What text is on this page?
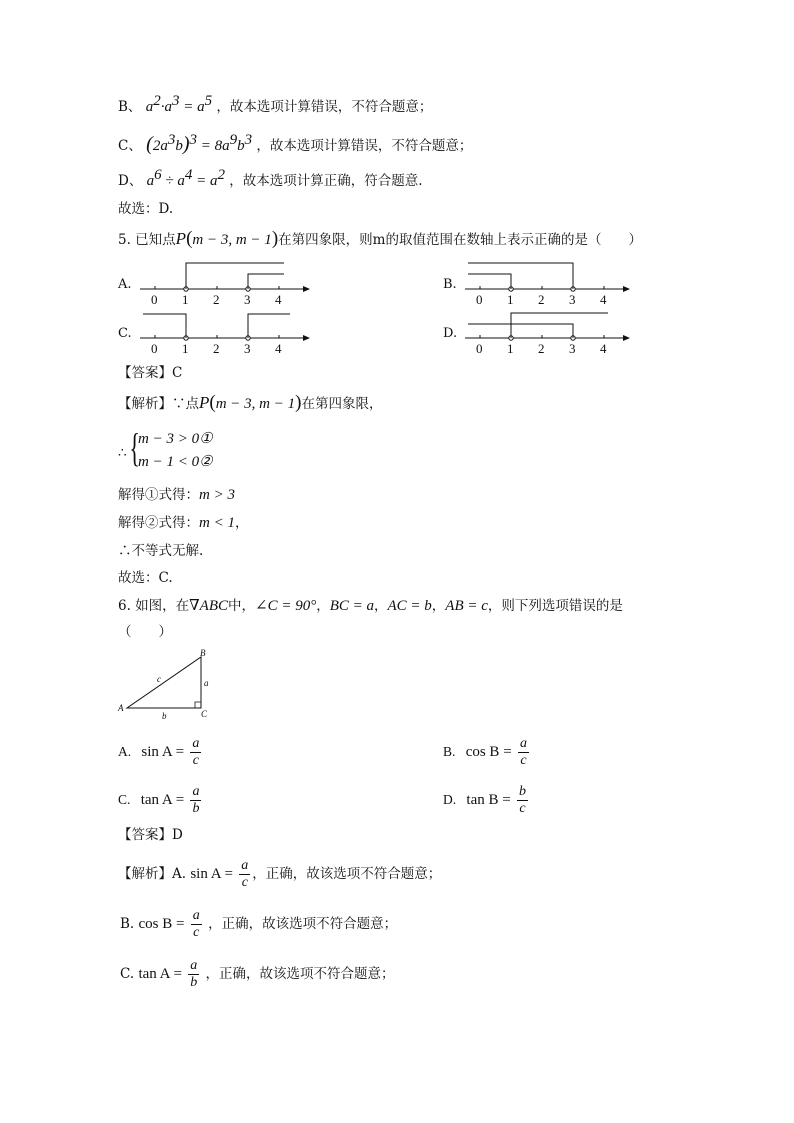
B、 $a^2\cdot a^3 = a^5$ ，故本选项计算错误，不符合题意；
C、 $(2a^3b)^3 = 8a^9b^3$ ，故本选项计算错误，不符合题意；
D、 $a^6 \div a^4 = a^2$ ，故本选项计算正确，符合题意.
故选：D.
5. 已知点P(m − 3, m − 1)在第四象限，则m的取值范围在数轴上表示正确的是（　　）
A.
0 1 2 3 4
B.
0 1 2 3 4
C.
0 1 2 3 4
D.
0 1 2 3 4
【答案】C
【解析】∵点P(m − 3, m − 1)在第四象限，
∴ {
m − 3 > 0①
m − 1 < 0②
解得①式得：m > 3
解得②式得：m < 1，
∴不等式无解.
故选：C.
6. 如图，在∇ABC中，∠C = 90°，BC = a，AC = b，AB = c，则下列选项错误的是
（　　）
A
B
C
a
b
c
A. $\sin A = \frac{a}{c}$	B. $\cos B = \frac{a}{c}$
C. $\tan A = \frac{a}{b}$	D. $\tan B = \frac{b}{c}$
【答案】D
【解析】A. $\sin A = \frac{a}{c}$ ，正确，故该选项不符合题意；
B. $\cos B = \frac{a}{c}$ ，正确，故该选项不符合题意；
C. $\tan A = \frac{a}{b}$ ，正确，故该选项不符合题意；
